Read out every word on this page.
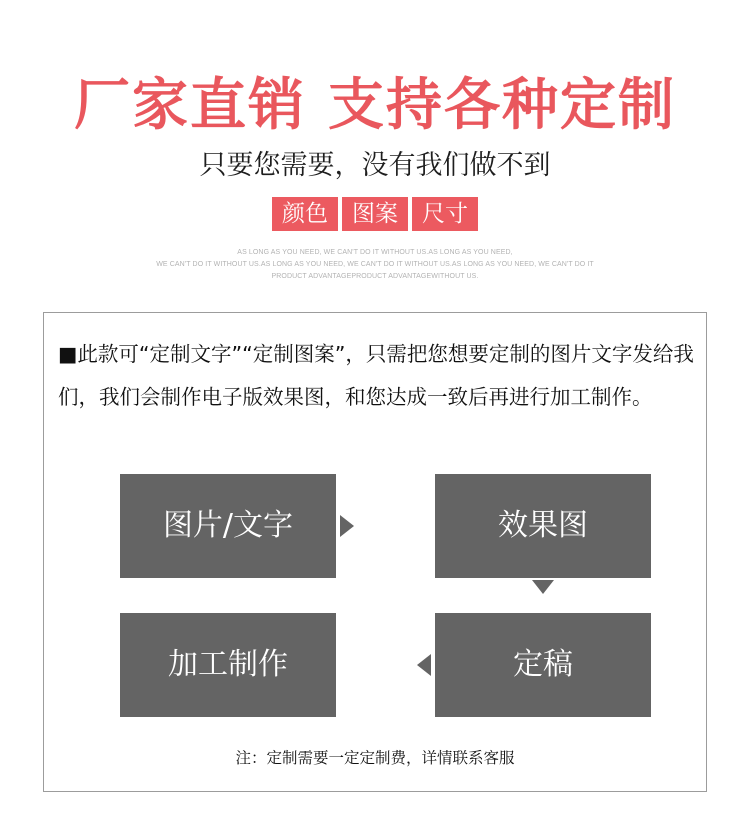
厂家直销 支持各种定制
只要您需要，没有我们做不到
颜色 图案 尺寸
AS LONG AS YOU NEED, WE CAN'T DO IT WITHOUT US.AS LONG AS YOU NEED,
WE CAN'T DO IT WITHOUT US.AS LONG AS YOU NEED, WE CAN'T DO IT WITHOUT US.AS LONG AS YOU NEED, WE CAN'T DO IT
PRODUCT ADVANTAGEPRODUCT ADVANTAGEWITHOUT US.
■此款可“定制文字”“定制图案”，只需把您想要定制的图片文字发给我们，我们会制作电子版效果图，和您达成一致后再进行加工制作。
图片/文字	效果图
定稿
加工制作
注：定制需要一定定制费，详情联系客服
